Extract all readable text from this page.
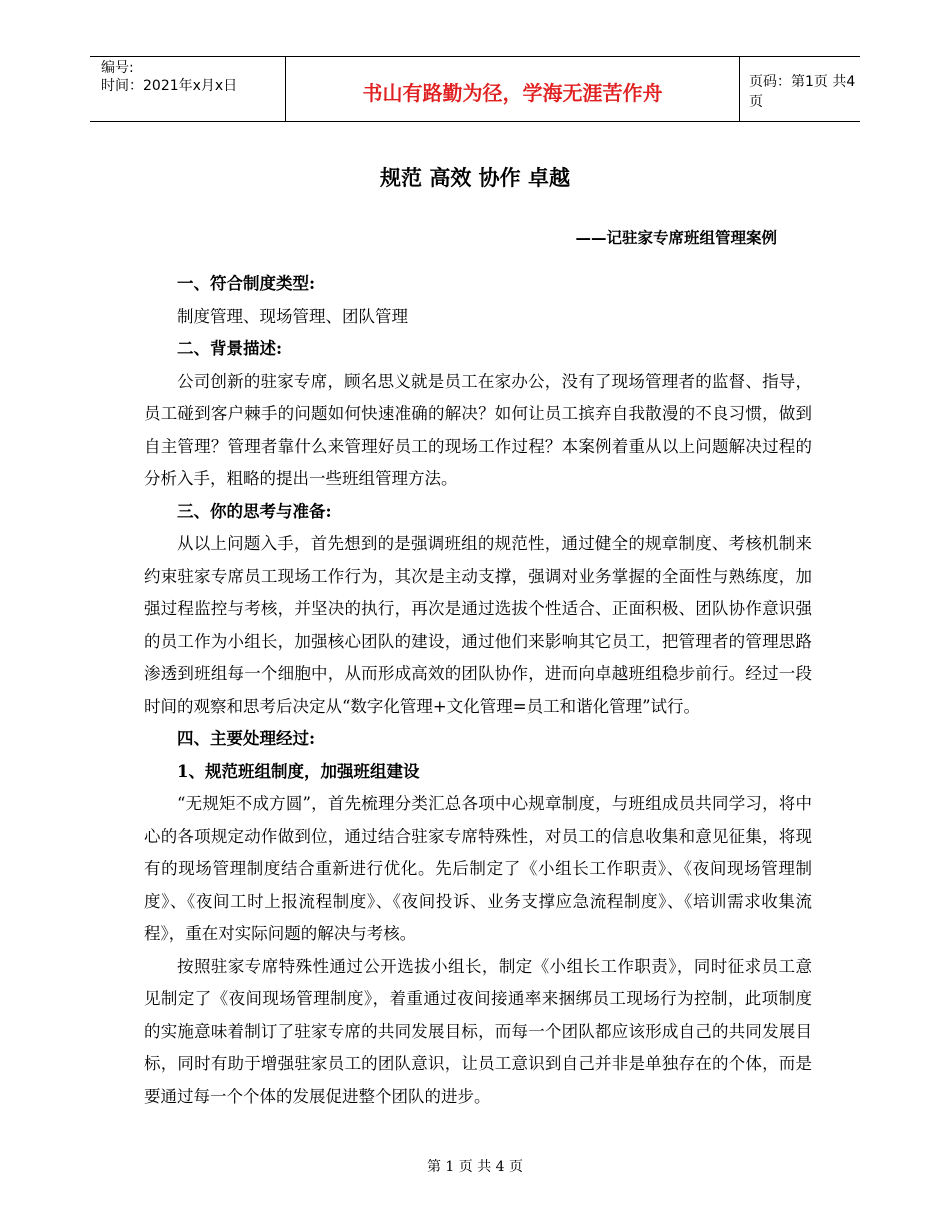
编号:
时间：2021年x月x日	书山有路勤为径，学海无涯苦作舟	页码：第1页 共4页
规范 高效 协作 卓越
——记驻家专席班组管理案例

一、符合制度类型:

制度管理、现场管理、团队管理

二、背景描述:

公司创新的驻家专席，顾名思义就是员工在家办公，没有了现场管理者的监督、指导，员工碰到客户棘手的问题如何快速准确的解决？如何让员工摈弃自我散漫的不良习惯，做到自主管理？管理者靠什么来管理好员工的现场工作过程？本案例着重从以上问题解决过程的分析入手，粗略的提出一些班组管理方法。

三、你的思考与准备:

从以上问题入手，首先想到的是强调班组的规范性，通过健全的规章制度、考核机制来约束驻家专席员工现场工作行为，其次是主动支撑，强调对业务掌握的全面性与熟练度，加强过程监控与考核，并坚决的执行，再次是通过选拔个性适合、正面积极、团队协作意识强的员工作为小组长，加强核心团队的建设，通过他们来影响其它员工，把管理者的管理思路渗透到班组每一个细胞中，从而形成高效的团队协作，进而向卓越班组稳步前行。经过一段时间的观察和思考后决定从“数字化管理+文化管理=员工和谐化管理”试行。

四、主要处理经过:

1、规范班组制度，加强班组建设

“无规矩不成方圆”，首先梳理分类汇总各项中心规章制度，与班组成员共同学习，将中心的各项规定动作做到位，通过结合驻家专席特殊性，对员工的信息收集和意见征集，将现有的现场管理制度结合重新进行优化。先后制定了《小组长工作职责》、《夜间现场管理制度》、《夜间工时上报流程制度》、《夜间投诉、业务支撑应急流程制度》、《培训需求收集流程》，重在对实际问题的解决与考核。

按照驻家专席特殊性通过公开选拔小组长，制定《小组长工作职责》，同时征求员工意见制定了《夜间现场管理制度》，着重通过夜间接通率来捆绑员工现场行为控制，此项制度的实施意味着制订了驻家专席的共同发展目标，而每一个团队都应该形成自己的共同发展目标，同时有助于增强驻家员工的团队意识，让员工意识到自己并非是单独存在的个体，而是要通过每一个个体的发展促进整个团队的进步。

第 1 页 共 4 页
